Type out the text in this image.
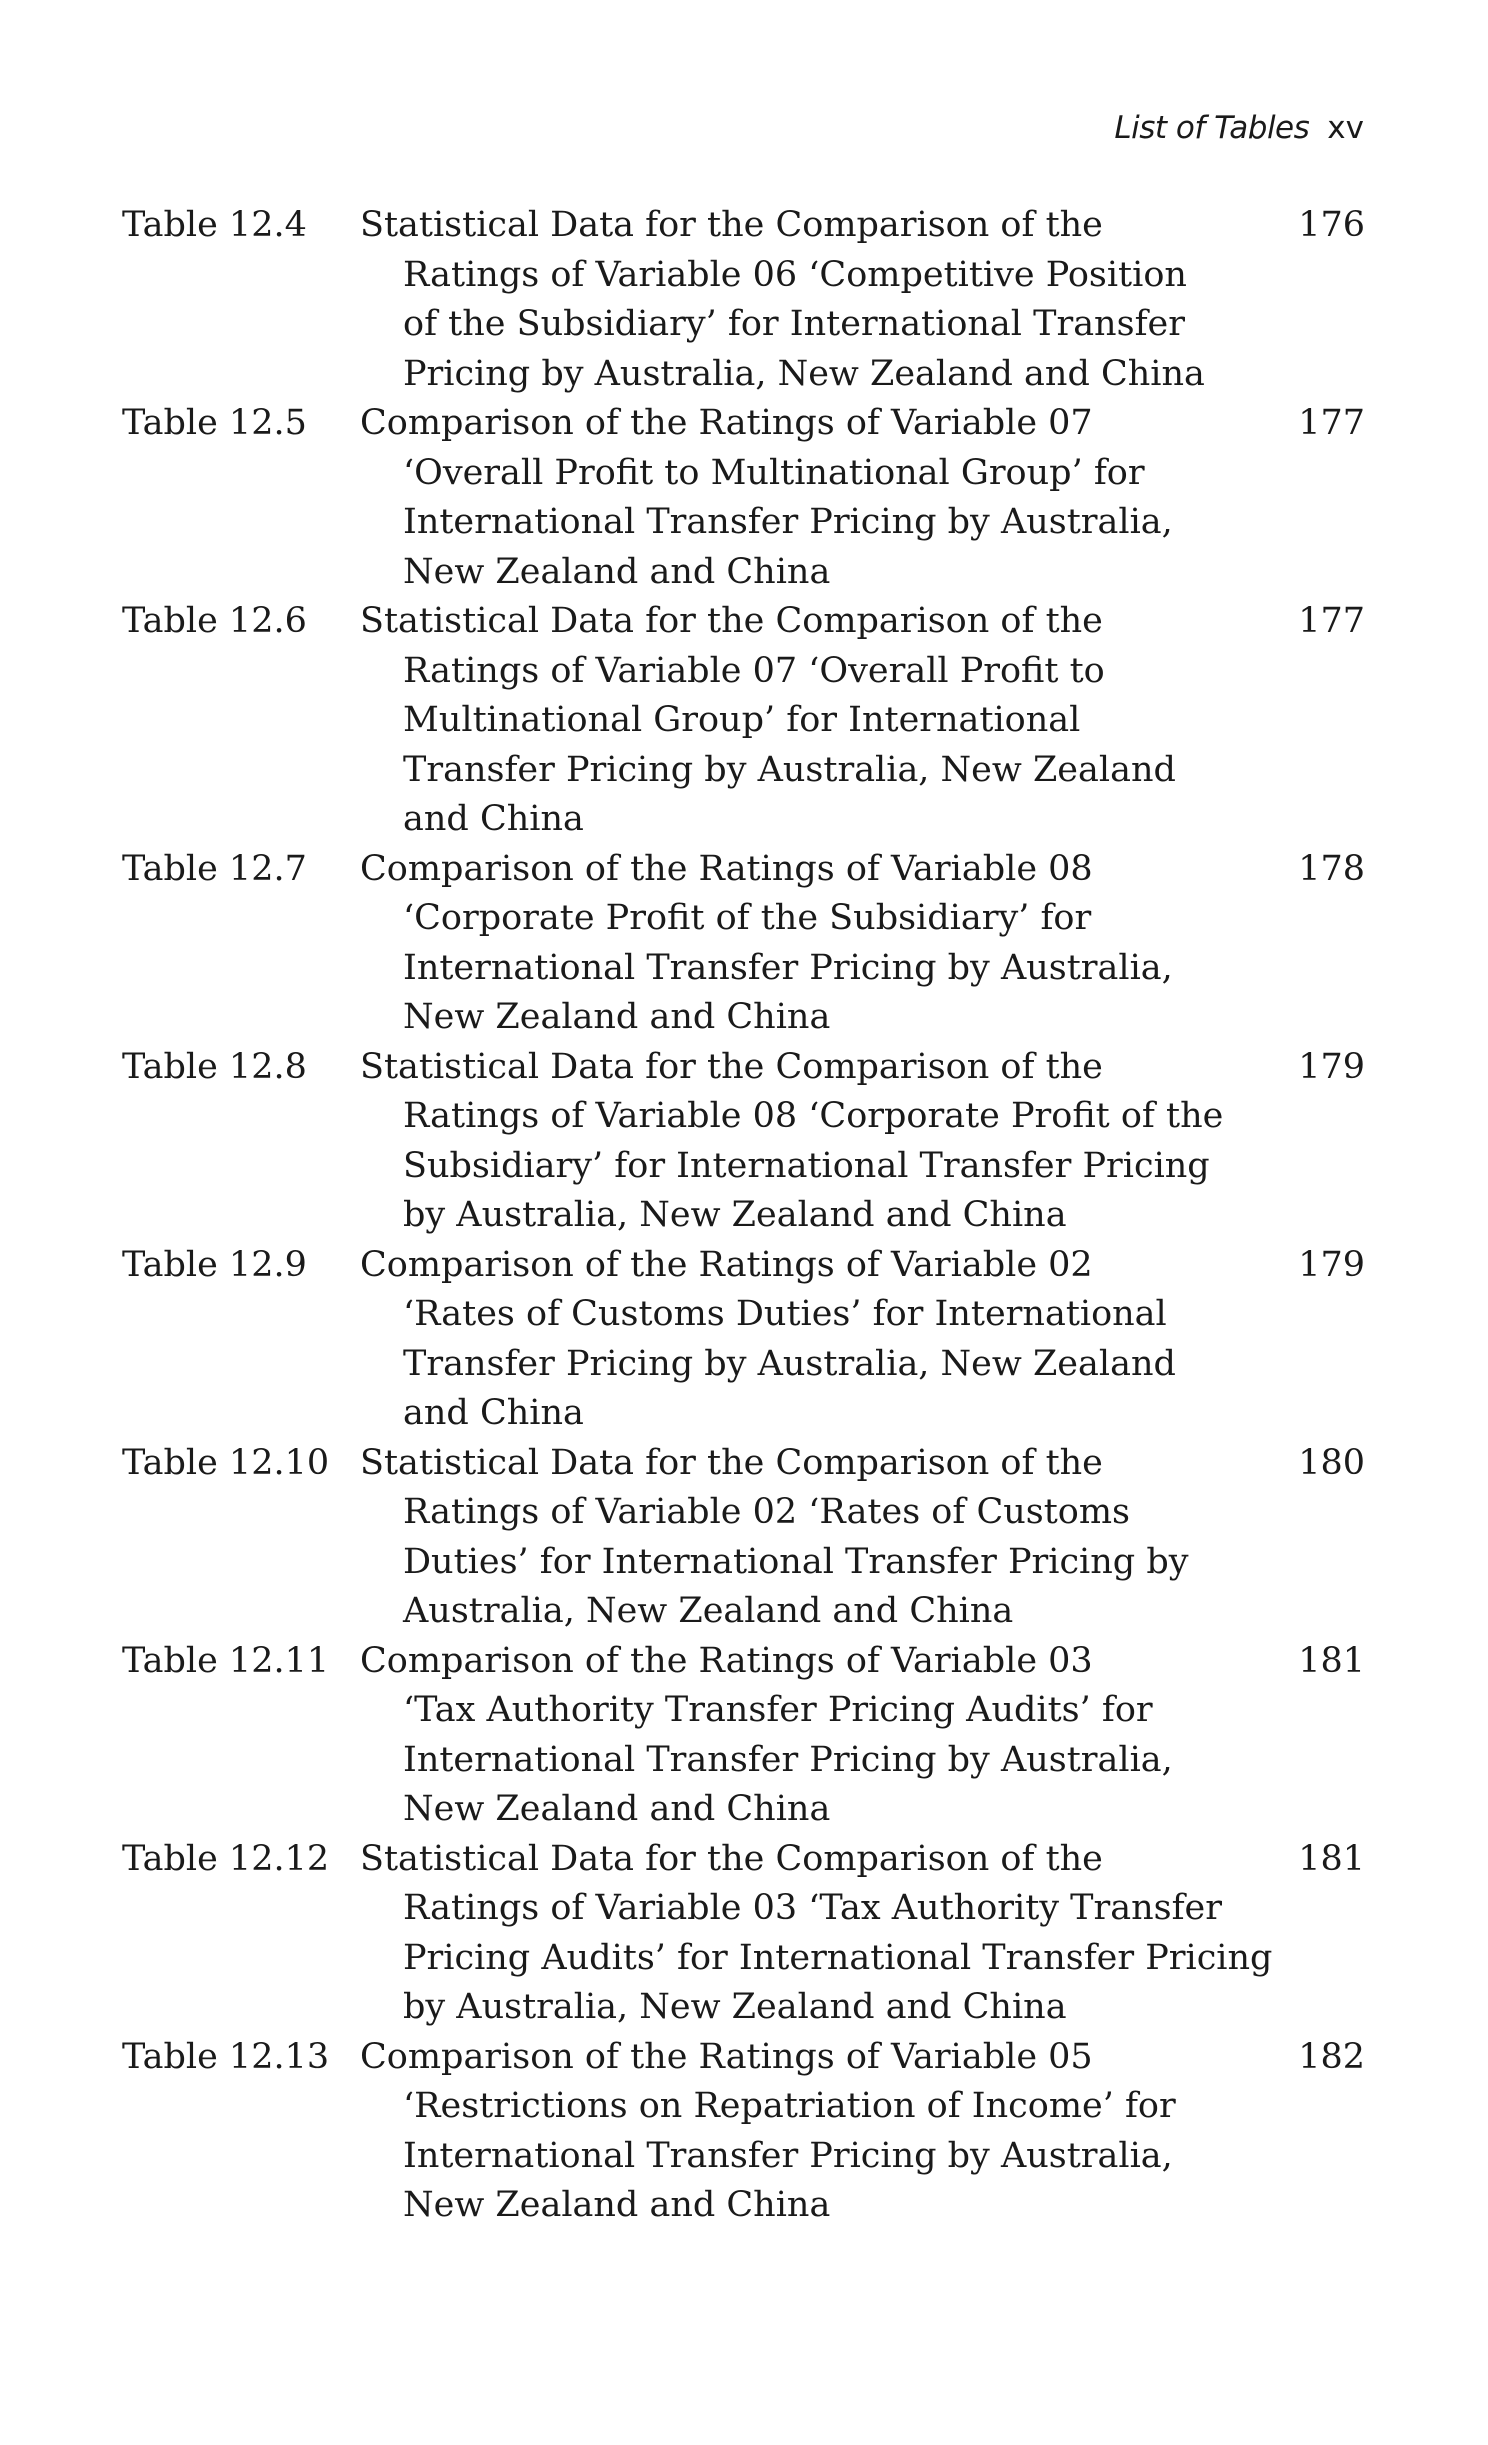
List of Tables xv
Table 12.4 Statistical Data for the Comparison of the
Ratings of Variable 06 ‘Competitive Position
of the Subsidiary’ for International Transfer
Pricing by Australia, New Zealand and China
176
Table 12.5 Comparison of the Ratings of Variable 07
‘Overall Profit to Multinational Group’ for
International Transfer Pricing by Australia,
New Zealand and China
177
Table 12.6 Statistical Data for the Comparison of the
Ratings of Variable 07 ‘Overall Profit to
Multinational Group’ for International
Transfer Pricing by Australia, New Zealand
and China
177
Table 12.7 Comparison of the Ratings of Variable 08
‘Corporate Profit of the Subsidiary’ for
International Transfer Pricing by Australia,
New Zealand and China
178
Table 12.8 Statistical Data for the Comparison of the
Ratings of Variable 08 ‘Corporate Profit of the
Subsidiary’ for International Transfer Pricing
by Australia, New Zealand and China
179
Table 12.9 Comparison of the Ratings of Variable 02
‘Rates of Customs Duties’ for International
Transfer Pricing by Australia, New Zealand
and China
179
Table 12.10 Statistical Data for the Comparison of the
Ratings of Variable 02 ‘Rates of Customs
Duties’ for International Transfer Pricing by
Australia, New Zealand and China
180
Table 12.11 Comparison of the Ratings of Variable 03
‘Tax Authority Transfer Pricing Audits’ for
International Transfer Pricing by Australia,
New Zealand and China
181
Table 12.12 Statistical Data for the Comparison of the
Ratings of Variable 03 ‘Tax Authority Transfer
Pricing Audits’ for International Transfer Pricing
by Australia, New Zealand and China
181
Table 12.13 Comparison of the Ratings of Variable 05
‘Restrictions on Repatriation of Income’ for
International Transfer Pricing by Australia,
New Zealand and China
182
